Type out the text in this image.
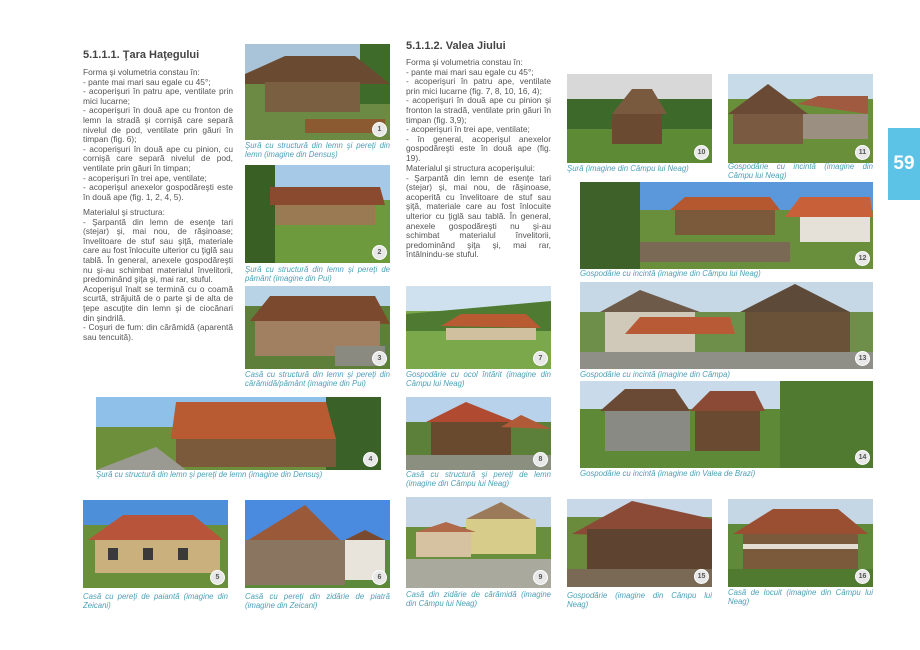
5.1.1.1. Ţara Haţegului
Forma şi volumetria constau în:
- pante mai mari sau egale cu 45°;
- acoperişuri în patru ape, ventilate prin mici lucarne;
- acoperişuri în două ape cu fronton de lemn la stradă şi cornişă care separă nivelul de pod, ventilate prin găuri în timpan (fig. 6);
- acoperişuri în două ape cu pinion, cu cornişă care separă nivelul de pod, ventilate prin găuri în timpan;
- acoperişuri în trei ape, ventilate;
- acoperişul anexelor gospodăreşti este în două ape (fig. 1, 2, 4, 5).
Materialul şi structura:
- Şarpantă din lemn de esenţe tari (stejar) şi, mai nou, de răşinoase; învelitoare de stuf sau şiţă, materiale care au fost înlocuite ulterior cu ţiglă sau tablă. În general, anexele gospodăreşti nu şi-au schimbat materialul învelitorii, predominând şiţa şi, mai rar, stuful.
Acoperişul înalt se termină cu o coamă scurtă, străjuită de o parte şi de alta de ţepe ascuţite din lemn şi de ciocănari din şindrilă.
- Coşuri de fum: din cărămidă (aparentă sau tencuită).
5.1.1.2. Valea Jiului
Forma şi volumetria constau în:
- pante mai mari sau egale cu 45°;
- acoperişuri în patru ape, ventilate prin mici lucarne (fig. 7, 8, 10, 16, 4);
- acoperişuri în două ape cu pinion şi fronton la stradă, ventilate prin găuri în timpan (fig. 3,9);
- acoperişuri în trei ape, ventilate;
- în general, acoperişul anexelor gospodăreşti este în două ape (fig. 19).
Materialul şi structura acoperişului:
- Şarpantă din lemn de esenţe tari (stejar) şi, mai nou, de răşinoase, acoperită cu învelitoare de stuf sau şiţă, materiale care au fost înlocuite ulterior cu ţiglă sau tablă. În general, anexele gospodăreşti nu şi-au schimbat materialul învelitorii, predominând şiţa şi, mai rar, întâlnindu-se stuful.
59
1
Şură cu structură din lemn şi pereţi din lemn (imagine din Densuş)
2
Şură cu structură din lemn şi pereţi de pământ (imagine din Pui)
3
Casă cu structură din lemn şi pereţi din cărămidă/pământ (imagine din Pui)
4
Şură cu structură din lemn şi pereţi de lemn (imagine din Densuş)
5
Casă cu pereţi de paiantă (imagine din Zeicani)
6
Casă cu pereţi din zidărie de piatră (imagine din Zeicani)
7
Gospodărie cu ocol întărit (imagine din Câmpu lui Neag)
8
Casă cu structură şi pereţi de lemn (imagine din Câmpu lui Neag)
9
Casă din zidărie de cărămidă (imagine din Câmpu lui Neag)
10
Şură (imagine din Câmpu lui Neag)
11
Gospodărie cu incintă (imagine din Câmpu lui Neag)
12
Gospodărie cu incintă (imagine din Câmpu lui Neag)
13
Gospodărie cu incintă (imagine din Câmpa)
14
Gospodărie cu incintă (imagine din Valea de Brazi)
15
Gospodărie (imagine din Câmpu lui Neag)
16
Casă de locuit (imagine din Câmpu lui Neag)
